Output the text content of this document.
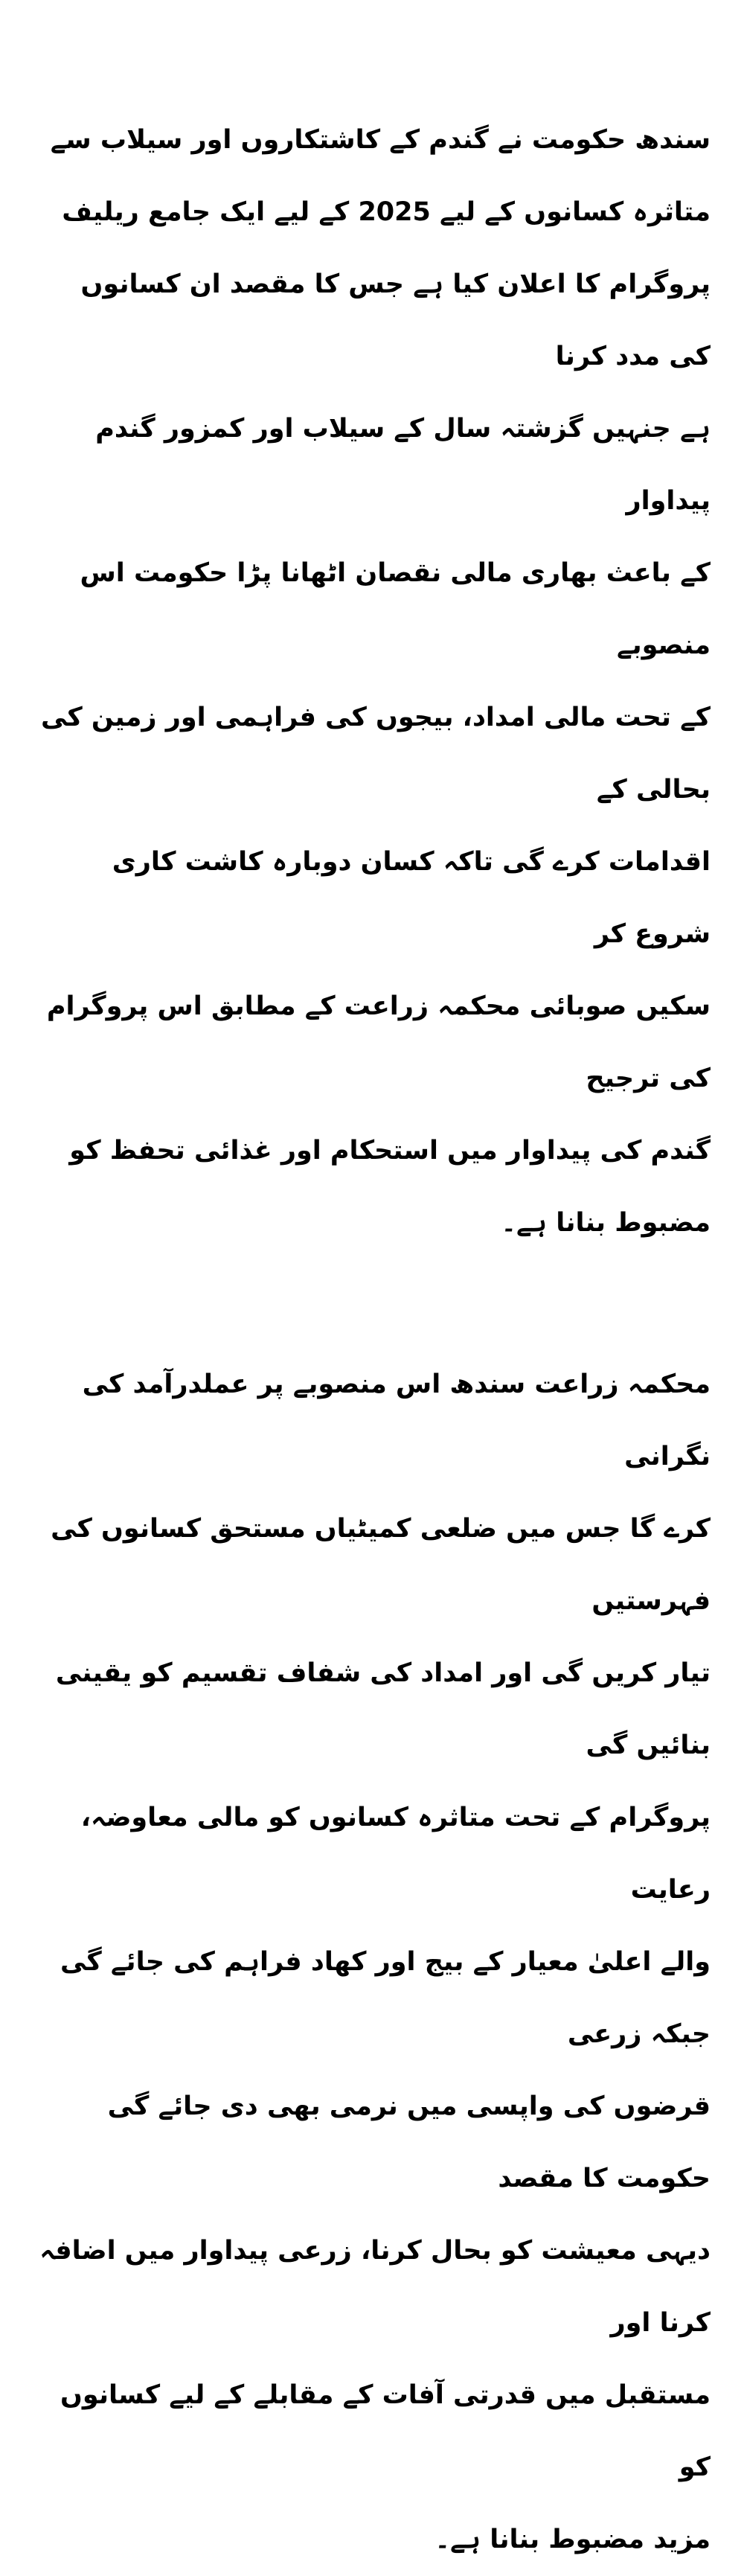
سندھ حکومت نے گندم کے کاشتکاروں اور سیلاب سے
متاثرہ کسانوں کے لیے 2025 کے لیے ایک جامع ریلیف
پروگرام کا اعلان کیا ہے جس کا مقصد ان کسانوں کی مدد کرنا
ہے جنہیں گزشتہ سال کے سیلاب اور کمزور گندم پیداوار
کے باعث بھاری مالی نقصان اٹھانا پڑا حکومت اس منصوبے
کے تحت مالی امداد، بیجوں کی فراہمی اور زمین کی بحالی کے
اقدامات کرے گی تاکہ کسان دوبارہ کاشت کاری شروع کر
سکیں صوبائی محکمہ زراعت کے مطابق اس پروگرام کی ترجیح
گندم کی پیداوار میں استحکام اور غذائی تحفظ کو مضبوط بنانا ہے۔
محکمہ زراعت سندھ اس منصوبے پر عملدرآمد کی نگرانی
کرے گا جس میں ضلعی کمیٹیاں مستحق کسانوں کی فہرستیں
تیار کریں گی اور امداد کی شفاف تقسیم کو یقینی بنائیں گی
پروگرام کے تحت متاثرہ کسانوں کو مالی معاوضہ، رعایت
والے اعلیٰ معیار کے بیج اور کھاد فراہم کی جائے گی جبکہ زرعی
قرضوں کی واپسی میں نرمی بھی دی جائے گی حکومت کا مقصد
دیہی معیشت کو بحال کرنا، زرعی پیداوار میں اضافہ کرنا اور
مستقبل میں قدرتی آفات کے مقابلے کے لیے کسانوں کو
مزید مضبوط بنانا ہے۔
